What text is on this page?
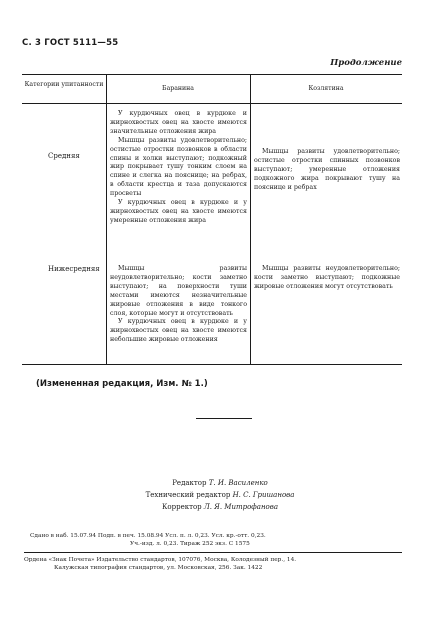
С. 3 ГОСТ 5111—55
Продолжение
Категории упитанности
Баранина	Козлятина
Средняя

У курдючных овец в курдюке и жирнохвостых овец на хвосте имеются значительные отложения жира

Мышцы развиты удовлетворительно; остистые отростки позвонков в области спины и холки выступают; подкожный жир покрывает тушу тонким слоем на спине и слегка на пояснице; на ребрах, в области крестца и таза допускаются просветы

У курдючных овец в курдюке и у жирнохвостых овец на хвосте имеются умеренные отложения жира

Мышцы развиты удовлетворительно; остистые отростки спинных позвонков выступают; умеренные отложения подкожного жира покрывают тушу на пояснице и ребрах

Нижесредняя	Мышцы развиты неудовлетворительно; кости заметно выступают; на поверхности туши местами имеются незначительные жировые отложения в виде тонкого слоя, которые могут и отсутствовать

У курдючных овец в курдюке и у жирнохвостых овец на хвосте имеются небольшие жировые отложения

Мышцы развиты неудовлетворительно; кости заметно выступают; подкожные жировые отложения могут отсутствовать

(Измененная редакция, Изм. № 1.)
Редактор Т. И. Василенко
Технический редактор Н. С. Гришанова
Корректор Л. Я. Митрофанова
Сдано в наб. 15.07.94 Подп. в печ. 15.08.94 Усл. п. л. 0,23. Усл. кр.-отт. 0,23.
Уч.-изд. л. 0,23. Тираж 252 экз. С 1575
Ордена «Знак Почета» Издательство стандартов, 107076, Москва, Колодезный пер., 14.
Калужская типография стандартов, ул. Московская, 256. Зак. 1422
